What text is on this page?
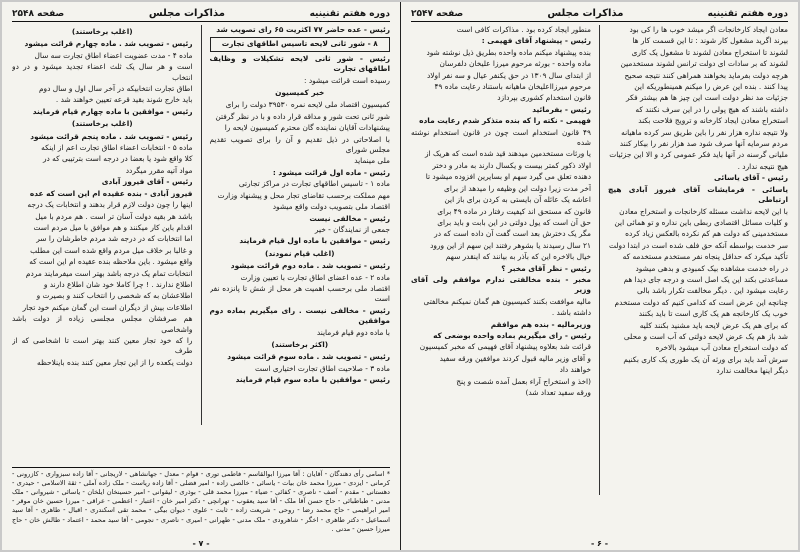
دوره هفتم تقنینیه
مذاکرات مجلس
صفحه ۲۵۴۷

معادن ایجاد کارخانجات اگر میشد خوب ها را کی بود

بیرند اگرید مشغول کار شوند : تا این قسمت کار ها

لشوند تا استخراج معادن لشوند تا مشغول یک کاری

لشوند که بر سادات ای دولت ترانس لشوند مستخدمین

هرچه دولت بفرماید بخواهند همراهی کنند نتیجه صحیح

پیدا کنند . بنده این عرض را میکنم همینطوریکه این

جزئیات مد نظر دولت است این چیز ها هم بیشتر فکر

داشته باشند که هیچ پولی را در این سرف نکنند که

استخراج معادن ایجاد کارخانه و ترویج فلاحت بکند

ولا نتیجه نداره هزار نفر را باین طریق سر کرده ماهیانه

مردم سرمایه آنها صرف شود صد هزار نفر را بیکار کنند

ملیانی گرسنه در آنها باید فکر عمومی کرد و الا این جزئیات

هیچ نتیجه ندارد .

رئیس - آقای یاسائی

یاسائی - فرمایشات آقای فیروز آبادی هیچ ارتباطی

با این لایحه نداشت مسئله کارخانجات و استخراج معادن

و کلیات مسائل اقتصادی ربطی باین نداره و تو همائی این

مستخدمینی که دولت هم کم نکرده بالعکس زیاد کرده

سر خدمت بواسطه آنکه حق فلف شده است در ابتدا دولت

تأکید میکرد که حداقل پنجاه نفر مستخدم مستخدمه که

در راه خدمت مشاهده بیک کمبودی و بدهی میشود

مساعدتی بکند این یک اصل است و درجه جای دیدا هم

رعایت میشود این . دیگر مخالفت تکرار باشد بالی

چنانچه این عرض است که کدامی کنیم که دولت مستخدم

خوب یک کارخانجه هم یک کاری است تا باید بکنند

که برای هم یک عرض لایحه باید مشنید بکنند کلیه

شد باز هم یک عرض لایحه دولتی که آب است و محلی

که دولت استخراج معادن آب میشود بالاخره

سرش آمد باید برای ورثه آن یک طوری یک کاری بکنیم

دیگر اینها مخالفت ندارد

منطور ایجاد کرده بود . مذاکرات کافی است

رئیس - پیشنهاد آقای فهیمی :

بنده پیشنهاد میکنم ماده واحده بطریق ذیل نوشته شود

ماده واحده - بورثه مرحوم میرزا علیخان دلفرسان

از ابتدای سال ۱۳۰۹ در حق یکنفر عیال و سه نفر اولاد

مرحوم میرزااعلیخان ماهیانه باستناد رعایت ماده ۴۹

قانون استخدام کشوری بپردازد

رئیس - بفرمائید

فهیمی - نکته را که بنده متذکر شدم رعایت ماده

۴۹ قانون استخدام است چون در قانون استخدام نوشته شده

یا ورثات مستخدمین میدهند قید شده است که هریک از

اولاد ذکور کمتر بیست و یکسال دارند به مادر و دختر

دهنده تعلق می گیرد سهم او بسایرین افزوده میشود تا

آخر مدت زیرا دولت این وظیفه را میدهد از برای

اعاشه یک عائله آن بایستی به کردن برای باز این

قانون که مستحق اند کیفیت رفتار در ماده ۴۹ برای

حق آن است که یول دولتی در این بابت و باید برای

مگر یک دخترش بعد است گفت آن داده است که در

۲۱ سال رسیدند یا بشوهر رفتند این سهم از این ورود

خیال بالاخره این که بآذر به بیانند که اینقدر سهم

رئیس - نظر آقای مخبر ؟

مخبر - بنده مخالفتی ندارم موافقم ولی آقای وزیر

مالیه موافقت بکنند کمیسیون هم گمان نمیکنم مخالفتی

داشته باشد .

وزیرمالیه - بنده هم موافقم

رئیس - رای میگیریم بماده واحده بوضعی که

قرائت شد بعلاوه پیشنهاد آقای فهیمی که مخبر کمیسیون

و آقای وزیر مالیه قبول کردند موافقین ورقه سفید

خواهند داد

(اخذ و استخراج آراء بعمل آمده شصت و پنج

ورقه سفید تعداد شد)

- ۶ -
دوره هفتم تقنینیه
مذاکرات مجلس
صفحه ۲۵۴۸

رئیس - عده حاضر ۷۷ اکثریت ۶۵ رای تصویب شد

۸ - شور ثانی لایحه تاسیس اطاقهای تجارت

رئیس - شور ثانی لایحه تشکیلات و وظایف اطاقهای تجارت

رسیده است قرائت میشود :

خبر کمیسیون

کمیسیون اقتصاد ملی لایحه نمره ۳۹۵۳۰ دولت را برای

شور ثانی تحت شور و مداقه قرار داده و با در نظر گرفتن

پیشنهادات آقایان نماینده گان محترم کمیسیون لایحه را

با اصلاحاتی در ذیل تقدیم و آن را برای تصویب تقدیم مجلس شورای

ملی مینماید

رئیس - ماده اول قرائت میشود :

ماده ۱ - تاسیس اطاقهای تجارت در مراکز تجارتی

مهم مملکت برحسب تقاضای تجار محل و پیشنهاد وزارت

اقتصاد ملی بتصویب دولت واقع میشود

رئیس - مخالفی نیست

جمعی از نمایندگان - خیر

رئیس - موافقین با ماده اول قیام فرمایند

(اغلب قیام نمودند)

رئیس - تصویب شد . ماده دوم قرائت میشود

ماده ۲ - عده اعضای اطاق تجارت با تعیین وزارت

اقتصاد ملی برحسب اهمیت هر محل از شش تا پانزده نفر است

رئیس - مخالفی نیست . رای میگیریم بماده دوم موافقین

با ماده دوم قیام فرمایند

(اکثر برخاستند)

رئیس - تصویب شد . ماده سوم قرائت میشود

ماده ۳ - صلاحیت اطاق تجارت اختیاری است

رئیس - موافقین با ماده سوم قیام فرمایند

(اغلب برخاستند)

رئیس - تصویب شد . ماده چهارم قرائت میشود

ماده ۴ - مدت عضویت اعضاء اطاق تجارت سه سال

است و هر سال یک ثلث اعضاء تجدید میشود و در دو انتخاب

اطاق تجارت انتخابیکه در آخر سال اول و سال دوم

باید خارج شوند بقید قرعه تعیین خواهند شد .

رئیس - موافقین با ماده چهارم قیام فرمایند

(اغلب برخاستند)

رئیس - تصویب شد . ماده پنجم قرائت میشود

ماده ۵ - انتخابات اعضاء اطاق تجارت اعم از اینکه

کلا واقع شود یا بعضا در درجه است بترتیبی که در

مواد آتیه مقرر میگردد

رئیس - آقای فیروز آبادی

فیروز آبادی - بنده عقیده ام این است که عده

اینها را چون دولت لازم قرار بدهند و انتخابات یک درجه

باشد هر بقیه دولت آسان تر است . هم مردم با میل

اقدام باین کار میکنند و هم موافق با میل مردم است

اما انتخابات که در درجه شد مردم خاطرشان را سر

و غالبا بر خلاف میل مردم واقع شده است این مطلب

واقع میشود . باین ملاحظه بنده عقیده ام این است که

انتخابات تمام یک درجه باشد بهتر است میفرمایند مردم

اطلاع ندارند . ! چرا کاملا خود شان اطلاع دارند و

اطلاعشان به که شخصی را انتخاب کنند و بصیرت و

اطلاعات بیش از دیگران است این گمان میکنم خود تجار

هم صرفشان مجلس مجلسی زیاده از دولت باشد واشخاصی

را که خود تجار معین کنند بهتر است تا اشخاصی که از طرف

دولت یکعده را از این تجار معین کنند بنده باینلاحظه

* اسامی رأی دهندگان - آقایان : آقا میرزا ابوالقاسم - فاطمی توری - قوام - معدل - جهانشاهی - لاریجانی - آقا زاده سبزواری - کازرونی - کرمانی - ایزدی - میرزا محمد خان بیات - یاسائی - خالصی زاده - امیر فضلی - آقا زاده ریاست - ملک زاده آملی - ثقة الاسلامی - حیدری - دهستانی - مقدم - آصف - ناصری - کفائی - ضیاء - میرزا محمد قلی - بوذری - لیقوانی - امیر حسینخان ایلخان - یاسائی - شیروانی - ملک مدنی - طباطبائی - حاج حسن آقا ملک - آقا سید یعقوب - تهرانچی - دکتر امیر خان - اعتبار - اعظمی - عراقی - میرزا حسین خان موقر - امیر ابراهیمی - حاج محمد رضا - روحی - شریعت زاده - ثابت - علوی - دیوان بیگی - محمد تقی اسکندری - اقبال - طاهری - آقا سید اسماعیل - دکتر طاهری - اخگر - شاهرودی - ملک مدنی - طهرانی - امیری - ناصری - نجومی - آقا سید محمد - اعتماد - طالش خان - حاج میرزا حسین - مدنی .
- ۷ -
